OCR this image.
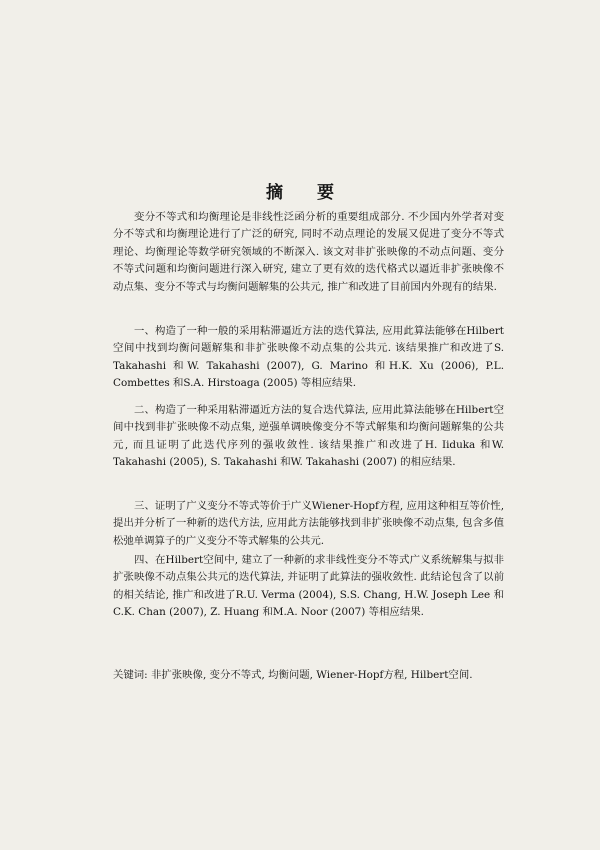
摘 要

变分不等式和均衡理论是非线性泛函分析的重要组成部分. 不少国内外学者对变分不等式和均衡理论进行了广泛的研究, 同时不动点理论的发展又促进了变分不等式理论、均衡理论等数学研究领域的不断深入. 该文对非扩张映像的不动点问题、变分不等式问题和均衡问题进行深入研究, 建立了更有效的迭代格式以逼近非扩张映像不动点集、变分不等式与均衡问题解集的公共元, 推广和改进了目前国内外现有的结果.

一、构造了一种一般的采用粘滞逼近方法的迭代算法, 应用此算法能够在Hilbert空间中找到均衡问题解集和非扩张映像不动点集的公共元. 该结果推广和改进了S. Takahashi 和W. Takahashi (2007), G. Marino 和H.K. Xu (2006), P.L. Combettes 和S.A. Hirstoaga (2005) 等相应结果.

二、构造了一种采用粘滞逼近方法的复合迭代算法, 应用此算法能够在Hilbert空间中找到非扩张映像不动点集, 逆强单调映像变分不等式解集和均衡问题解集的公共元, 而且证明了此迭代序列的强收敛性. 该结果推广和改进了H. Iiduka 和W. Takahashi (2005), S. Takahashi 和W. Takahashi (2007) 的相应结果.

三、证明了广义变分不等式等价于广义Wiener-Hopf方程, 应用这种相互等价性, 提出并分析了一种新的迭代方法, 应用此方法能够找到非扩张映像不动点集, 包含多值松弛单调算子的广义变分不等式解集的公共元.

四、在Hilbert空间中, 建立了一种新的求非线性变分不等式广义系统解集与拟非扩张映像不动点集公共元的迭代算法, 并证明了此算法的强收敛性. 此结论包含了以前的相关结论, 推广和改进了R.U. Verma (2004), S.S. Chang, H.W. Joseph Lee 和C.K. Chan (2007), Z. Huang 和M.A. Noor (2007) 等相应结果.

关键词: 非扩张映像, 变分不等式, 均衡问题, Wiener-Hopf方程, Hilbert空间.
